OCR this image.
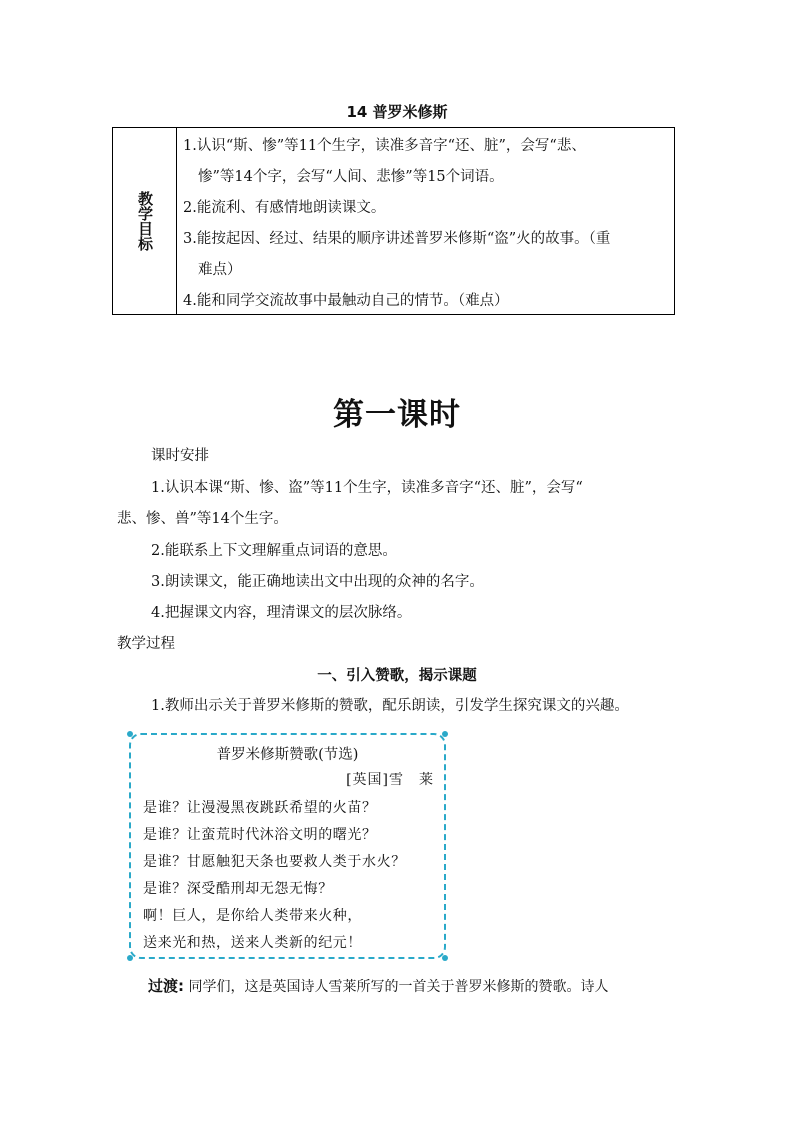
14 普罗米修斯
教学目标
1.认识“斯、惨”等11个生字，读准多音字“还、脏”，会写“悲、
惨”等14个字，会写“人间、悲惨”等15个词语。
2.能流利、有感情地朗读课文。
3.能按起因、经过、结果的顺序讲述普罗米修斯“盗”火的故事。（重
难点）
4.能和同学交流故事中最触动自己的情节。（难点）
第一课时
课时安排
1.认识本课“斯、惨、盗”等11个生字，读准多音字“还、脏”，会写“
悲、惨、兽”等14个生字。
2.能联系上下文理解重点词语的意思。
3.朗读课文，能正确地读出文中出现的众神的名字。
4.把握课文内容，理清课文的层次脉络。
教学过程
一、引入赞歌，揭示课题
1.教师出示关于普罗米修斯的赞歌，配乐朗读，引发学生探究课文的兴趣。
普罗米修斯赞歌(节选)
[英国]雪　莱
是谁？让漫漫黑夜跳跃希望的火苗？
是谁？让蛮荒时代沐浴文明的曙光？
是谁？甘愿触犯天条也要救人类于水火？
是谁？深受酷刑却无怨无悔？
啊！巨人，是你给人类带来火种，
送来光和热，送来人类新的纪元！
过渡: 同学们，这是英国诗人雪莱所写的一首关于普罗米修斯的赞歌。诗人
